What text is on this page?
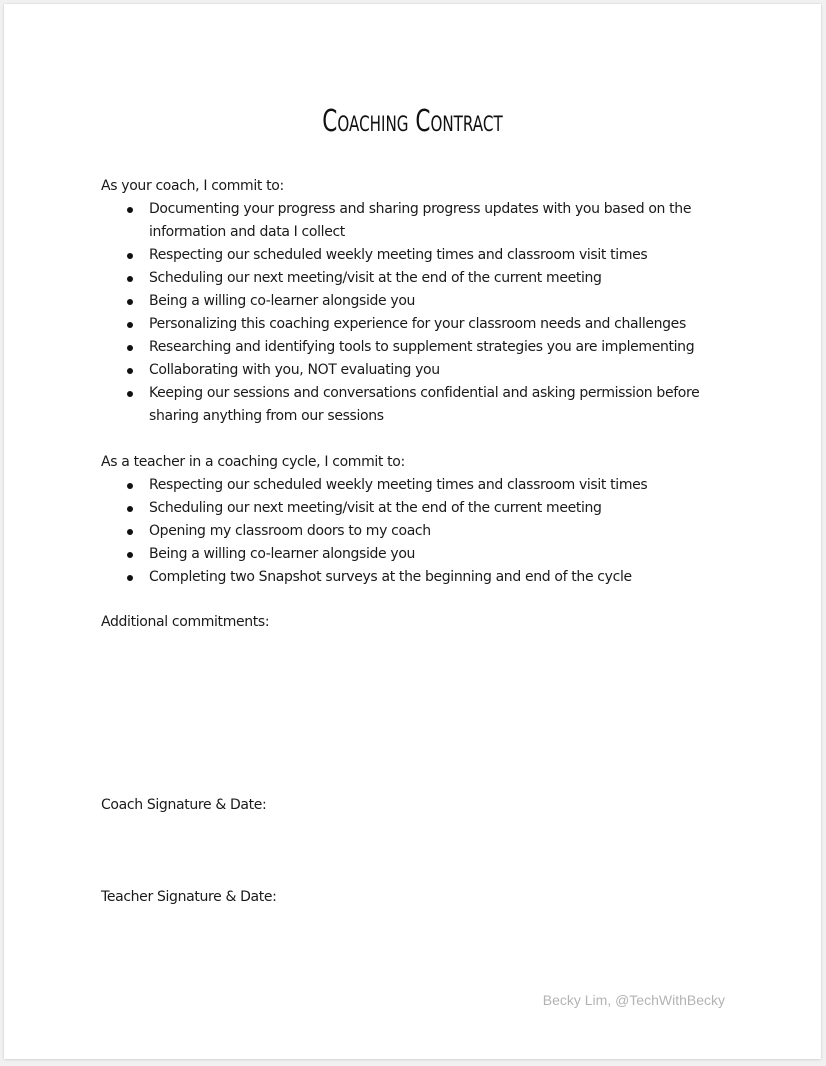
Coaching Contract

As your coach, I commit to:

Documenting your progress and sharing progress updates with you based on the information and data I collect
Respecting our scheduled weekly meeting times and classroom visit times
Scheduling our next meeting/visit at the end of the current meeting
Being a willing co-learner alongside you
Personalizing this coaching experience for your classroom needs and challenges
Researching and identifying tools to supplement strategies you are implementing
Collaborating with you, NOT evaluating you
Keeping our sessions and conversations confidential and asking permission before sharing anything from our sessions

As a teacher in a coaching cycle, I commit to:

Respecting our scheduled weekly meeting times and classroom visit times
Scheduling our next meeting/visit at the end of the current meeting
Opening my classroom doors to my coach
Being a willing co-learner alongside you
Completing two Snapshot surveys at the beginning and end of the cycle
Additional commitments:
Coach Signature & Date:
Teacher Signature & Date:
Becky Lim, @TechWithBecky
